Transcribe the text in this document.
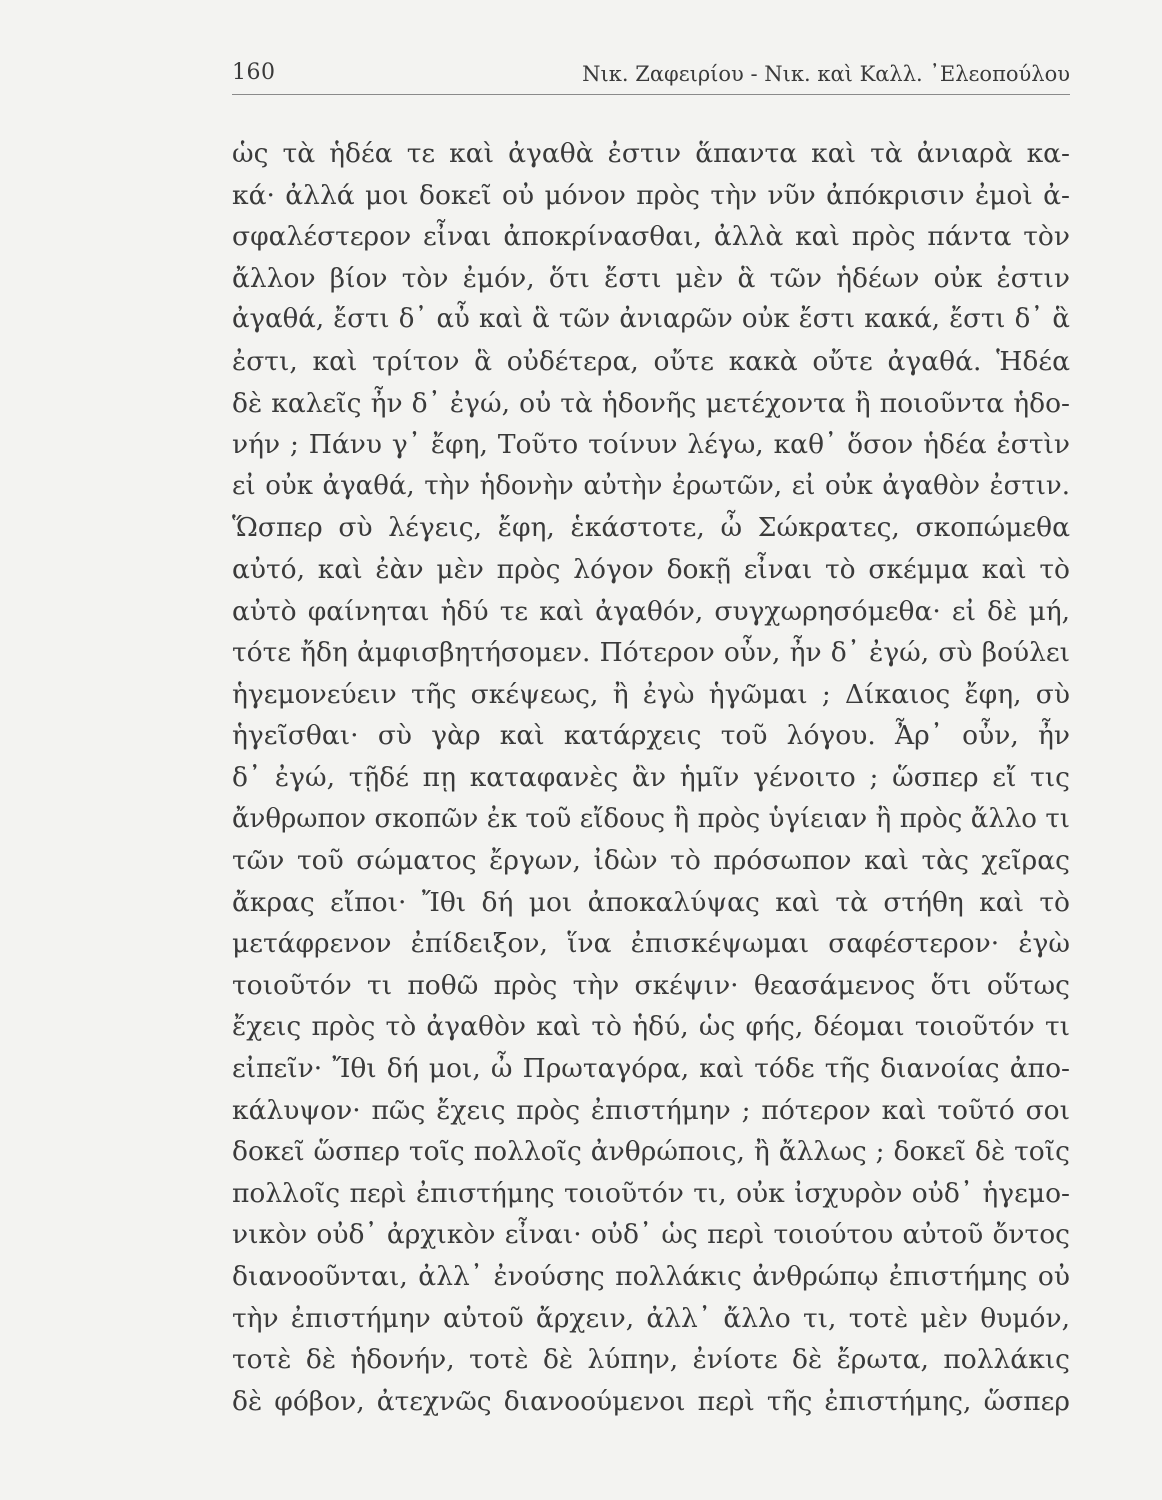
160	Νικ. Ζαφειρίου - Νικ. καὶ Καλλ. ᾿Ελεοπούλου
ὡς τὰ ἡδέα τε καὶ ἀγαθὰ ἐστιν ἅπαντα καὶ τὰ ἀνιαρὰ κα-
κά· ἀλλά μοι δοκεῖ οὐ μόνον πρὸς τὴν νῦν ἀπόκρισιν ἐμοὶ ἀ-
σφαλέστερον εἶναι ἀποκρίνασθαι, ἀλλὰ καὶ πρὸς πάντα τὸν
ἄλλον βίον τὸν ἐμόν, ὅτι ἔστι μὲν ἃ τῶν ἡδέων οὐκ ἐστιν
ἀγαθά, ἔστι δ᾿ αὖ καὶ ἃ τῶν ἀνιαρῶν οὐκ ἔστι κακά, ἔστι δ᾿ ἃ
ἐστι, καὶ τρίτον ἃ οὐδέτερα, οὔτε κακὰ οὔτε ἀγαθά. Ἡδέα
δὲ καλεῖς ἦν δ᾿ ἐγώ, οὐ τὰ ἡδονῆς μετέχοντα ἢ ποιοῦντα ἡδο-
νήν ; Πάνυ γ᾿ ἔφη, Τοῦτο τοίνυν λέγω, καθ᾿ ὅσον ἡδέα ἐστὶν
εἰ οὐκ ἀγαθά, τὴν ἡδονὴν αὐτὴν ἐρωτῶν, εἰ οὐκ ἀγαθὸν ἐστιν.
Ὥσπερ σὺ λέγεις, ἔφη, ἑκάστοτε, ὦ Σώκρατες, σκοπώμεθα
αὐτό, καὶ ἐὰν μὲν πρὸς λόγον δοκῇ εἶναι τὸ σκέμμα καὶ τὸ
αὐτὸ φαίνηται ἡδύ τε καὶ ἀγαθόν, συγχωρησόμεθα· εἰ δὲ μή,
τότε ἤδη ἀμφισβητήσομεν. Πότερον οὖν, ἦν δ᾿ ἐγώ, σὺ βούλει
ἡγεμονεύειν τῆς σκέψεως, ἢ ἐγὼ ἡγῶμαι ; Δίκαιος ἔφη, σὺ
ἡγεῖσθαι· σὺ γὰρ καὶ κατάρχεις τοῦ λόγου. Ἆρ᾿ οὖν, ἦν
δ᾿ ἐγώ, τῇδέ πῃ καταφανὲς ἂν ἡμῖν γένοιτο ; ὥσπερ εἴ τις
ἄνθρωπον σκοπῶν ἐκ τοῦ εἴδους ἢ πρὸς ὑγίειαν ἢ πρὸς ἄλλο τι
τῶν τοῦ σώματος ἔργων, ἰδὼν τὸ πρόσωπον καὶ τὰς χεῖρας
ἄκρας εἴποι· Ἴθι δή μοι ἀποκαλύψας καὶ τὰ στήθη καὶ τὸ
μετάφρενον ἐπίδειξον, ἵνα ἐπισκέψωμαι σαφέστερον· ἐγὼ
τοιοῦτόν τι ποθῶ πρὸς τὴν σκέψιν· θεασάμενος ὅτι οὕτως
ἔχεις πρὸς τὸ ἀγαθὸν καὶ τὸ ἡδύ, ὡς φής, δέομαι τοιοῦτόν τι
εἰπεῖν· Ἴθι δή μοι, ὦ Πρωταγόρα, καὶ τόδε τῆς διανοίας ἀπο-
κάλυψον· πῶς ἔχεις πρὸς ἐπιστήμην ; πότερον καὶ τοῦτό σοι
δοκεῖ ὥσπερ τοῖς πολλοῖς ἀνθρώποις, ἢ ἄλλως ; δοκεῖ δὲ τοῖς
πολλοῖς περὶ ἐπιστήμης τοιοῦτόν τι, οὐκ ἰσχυρὸν οὐδ᾿ ἡγεμο-
νικὸν οὐδ᾿ ἀρχικὸν εἶναι· οὐδ᾿ ὡς περὶ τοιούτου αὐτοῦ ὄντος
διανοοῦνται, ἀλλ᾿ ἐνούσης πολλάκις ἀνθρώπῳ ἐπιστήμης οὐ
τὴν ἐπιστήμην αὐτοῦ ἄρχειν, ἀλλ᾿ ἄλλο τι, τοτὲ μὲν θυμόν,
τοτὲ δὲ ἡδονήν, τοτὲ δὲ λύπην, ἐνίοτε δὲ ἔρωτα, πολλάκις
δὲ φόβον, ἀτεχνῶς διανοούμενοι περὶ τῆς ἐπιστήμης, ὥσπερ
